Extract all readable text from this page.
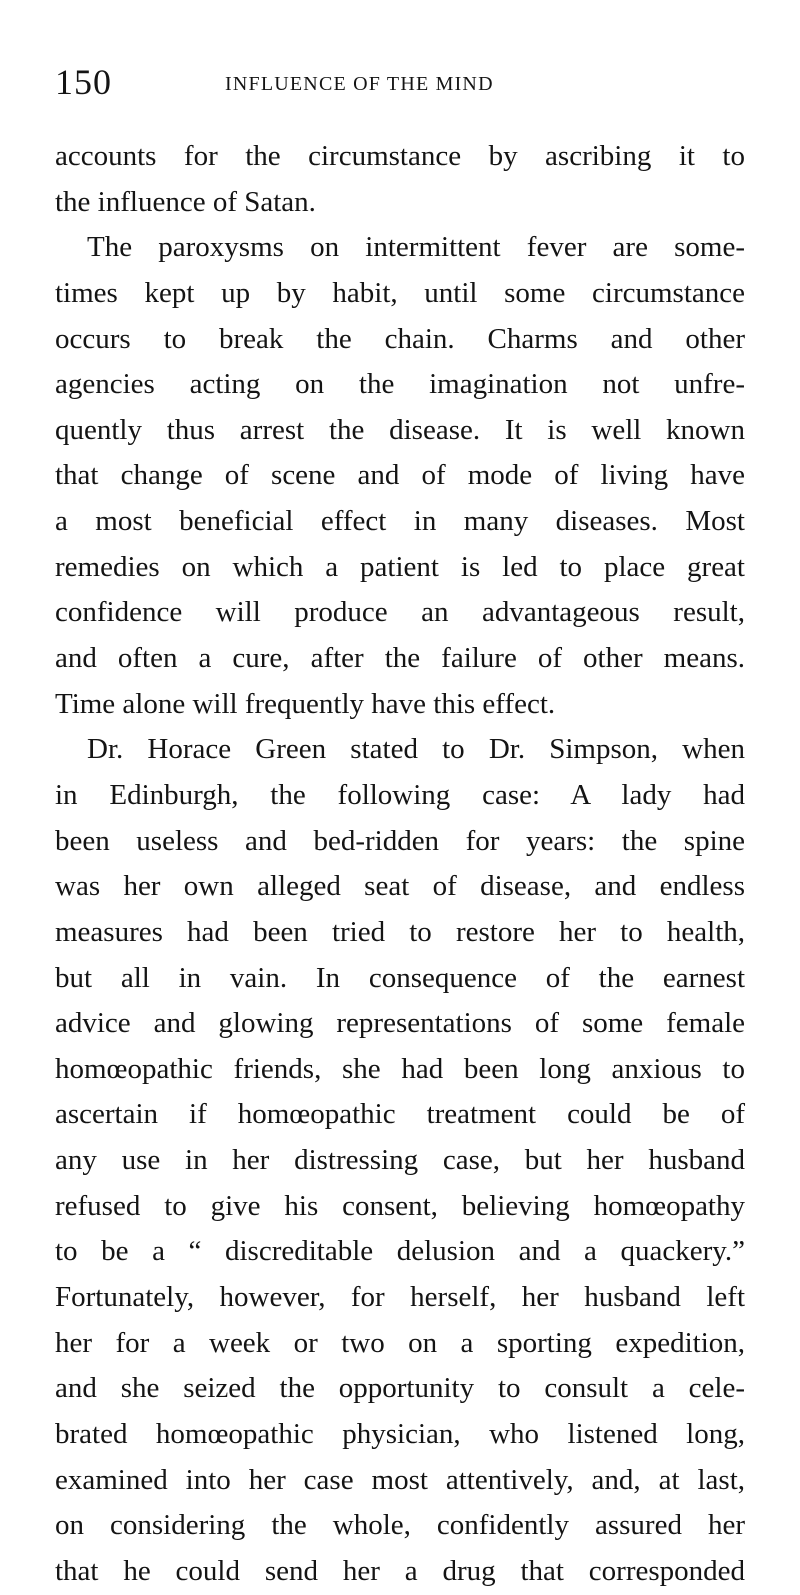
150	INFLUENCE OF THE MIND
accounts for the circumstance by ascribing it to
the influence of Satan.
The paroxysms on intermittent fever are some-
times kept up by habit, until some circumstance
occurs to break the chain. Charms and other
agencies acting on the imagination not unfre-
quently thus arrest the disease. It is well known
that change of scene and of mode of living have
a most beneficial effect in many diseases. Most
remedies on which a patient is led to place great
confidence will produce an advantageous result,
and often a cure, after the failure of other means.
Time alone will frequently have this effect.
Dr. Horace Green stated to Dr. Simpson, when
in Edinburgh, the following case: A lady had
been useless and bed-ridden for years: the spine
was her own alleged seat of disease, and endless
measures had been tried to restore her to health,
but all in vain. In consequence of the earnest
advice and glowing representations of some female
homœopathic friends, she had been long anxious to
ascertain if homœopathic treatment could be of
any use in her distressing case, but her husband
refused to give his consent, believing homœopathy
to be a “ discreditable delusion and a quackery.”
Fortunately, however, for herself, her husband left
her for a week or two on a sporting expedition,
and she seized the opportunity to consult a cele-
brated homœopathic physician, who listened long,
examined into her case most attentively, and, at last,
on considering the whole, confidently assured her
that he could send her a drug that corresponded
